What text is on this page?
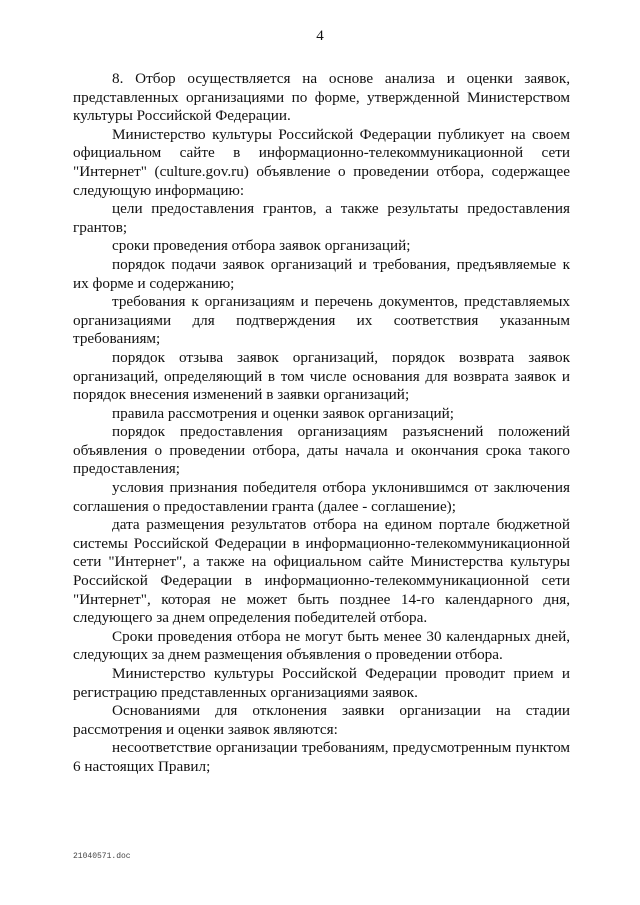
4

8. Отбор осуществляется на основе анализа и оценки заявок, представленных организациями по форме, утвержденной Министерством культуры Российской Федерации.

Министерство культуры Российской Федерации публикует на своем официальном сайте в информационно-телекоммуникационной сети "Интернет" (culture.gov.ru) объявление о проведении отбора, содержащее следующую информацию:

цели предоставления грантов, а также результаты предоставления грантов;

сроки проведения отбора заявок организаций;

порядок подачи заявок организаций и требования, предъявляемые к их форме и содержанию;

требования к организациям и перечень документов, представляемых организациями для подтверждения их соответствия указанным требованиям;

порядок отзыва заявок организаций, порядок возврата заявок организаций, определяющий в том числе основания для возврата заявок и порядок внесения изменений в заявки организаций;

правила рассмотрения и оценки заявок организаций;

порядок предоставления организациям разъяснений положений объявления о проведении отбора, даты начала и окончания срока такого предоставления;

условия признания победителя отбора уклонившимся от заключения соглашения о предоставлении гранта (далее - соглашение);

дата размещения результатов отбора на едином портале бюджетной системы Российской Федерации в информационно-телекоммуникационной сети "Интернет", а также на официальном сайте Министерства культуры Российской Федерации в информационно-телекоммуникационной сети "Интернет", которая не может быть позднее 14-го календарного дня, следующего за днем определения победителей отбора.

Сроки проведения отбора не могут быть менее 30 календарных дней, следующих за днем размещения объявления о проведении отбора.

Министерство культуры Российской Федерации проводит прием и регистрацию представленных организациями заявок.

Основаниями для отклонения заявки организации на стадии рассмотрения и оценки заявок являются:

несоответствие организации требованиям, предусмотренным пунктом 6 настоящих Правил;

21040571.doc
